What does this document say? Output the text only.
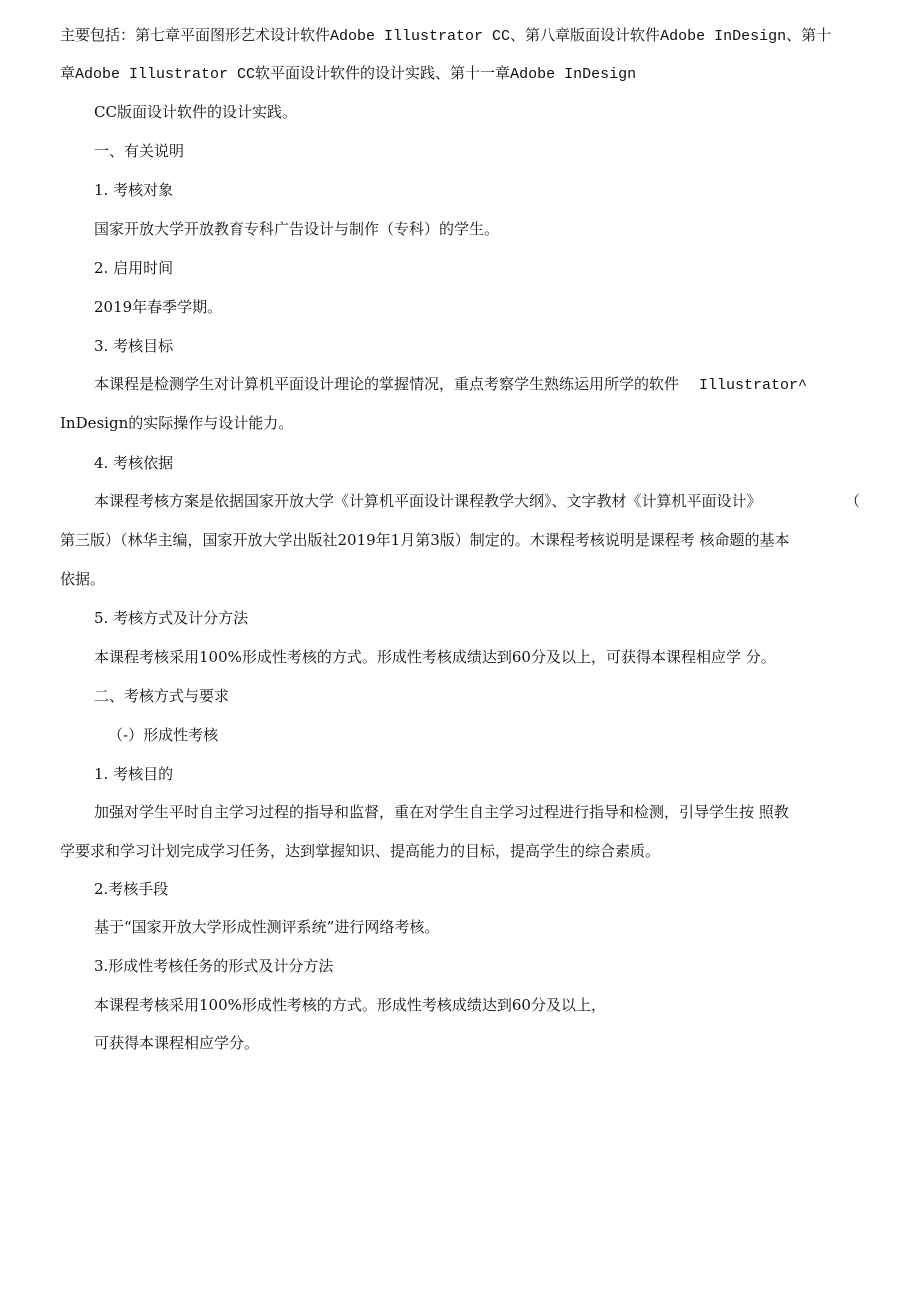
主要包括：第七章平面图形艺术设计软件Adobe Illustrator CC、第八章版面设计软件Adobe InDesign、第十
章Adobe Illustrator CC软平面设计软件的设计实践、第十一章Adobe InDesign
CC版面设计软件的设计实践。
一、有关说明
1. 考核对象
国家开放大学开放教育专科广告设计与制作（专科）的学生。
2. 启用时间
2019年春季学期。
3. 考核目标
本课程是检测学生对计算机平面设计理论的掌握情况，重点考察学生熟练运用所学的软件 Illustrator^
InDesign的实际操作与设计能力。
4. 考核依据
本课程考核方案是依据国家开放大学《计算机平面设计课程教学大纲》、文字教材《计算机平面设计》	（
第三版）（林华主编，国家开放大学出版社2019年1月第3版）制定的。木课程考核说明是课程考 核命题的基本
依据。
5. 考核方式及计分方法
本课程考核采用100%形成性考核的方式。形成性考核成绩达到60分及以上，可获得本课程相应学 分。
二、考核方式与要求
（-）形成性考核
1. 考核目的
加强对学生平时自主学习过程的指导和监督，重在对学生自主学习过程进行指导和检测，引导学生按 照教
学要求和学习计划完成学习任务，达到掌握知识、提高能力的目标，提高学生的综合素质。
2.考核手段
基于“国家开放大学形成性测评系统”进行网络考核。
3.形成性考核任务的形式及计分方法
本课程考核采用100%形成性考核的方式。形成性考核成绩达到60分及以上，
可获得本课程相应学分。
